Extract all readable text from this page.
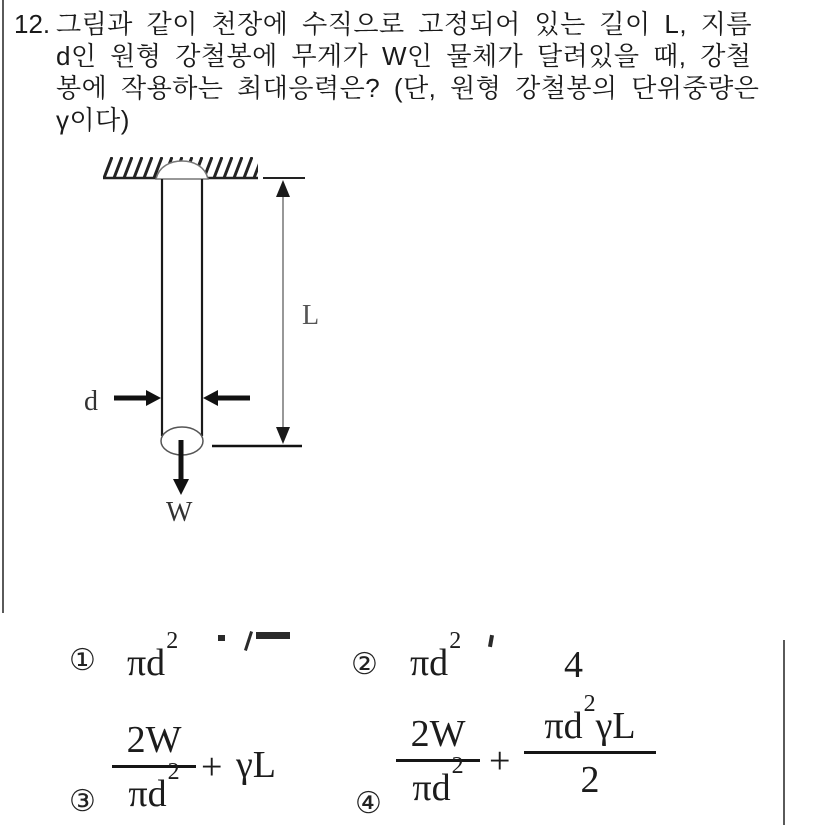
12. 그림과 같이 천장에 수직으로 고정되어 있는 길이 L, 지름
d인 원형 강철봉에 무게가 W인 물체가 달려있을 때, 강철
봉에 작용하는 최대응력은? (단, 원형 강철봉의 단위중량은
γ이다)
d
L
W
① $\pi d^2$
② $\pi d^2$
4
③
2W
$\pi d^2 + \gamma L$
④
2W
$\pi d^2$ +
$\pi d^2\gamma L$
2
